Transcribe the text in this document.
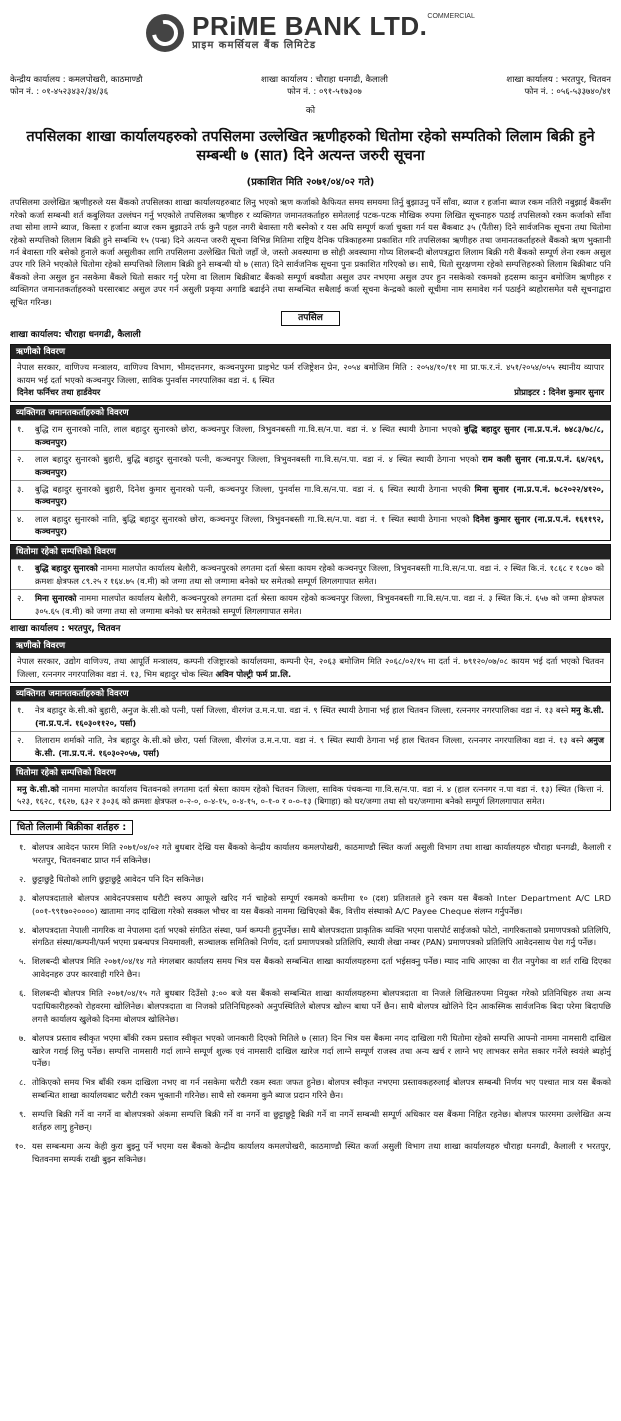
PRiME BANK LTD.$^{COMMERCIAL}$
प्राइम कमर्सियल बैंक लिमिटेड
केन्द्रीय कार्यालय : कमलपोखरी, काठमाण्डौ
फोन नं. : ०१-४५२३४३२/३४/३६
शाखा कार्यालय : चौराहा धनगढी, कैलाली
फोन नं. : ०९१-५१७३०७
शाखा कार्यालय : भरतपुर, चितवन
फोन नं. : ०५६-५३३७४०/४१
को
तपसिलका शाखा कार्यालयहरुको तपसिलमा उल्लेखित ऋणीहरुको धितोमा रहेको सम्पतिको लिलाम बिक्री हुने सम्बन्धी ७ (सात) दिने अत्यन्त जरुरी सूचना
(प्रकाशित मिति २०७१/०४/०२ गते)
तपसिलमा उल्लेखित ऋणीहरुले यस बैंकको तपसिलका शाखा कार्यालयहरुबाट लिनु भएको ऋण कर्जाको कैफियत समय समयमा तिर्नु बुझाउनु पर्ने साँवा, ब्याज र हर्जाना ब्याज रकम नतिरी नबुझाई बैंकसँग गरेको कर्जा सम्बन्धी शर्त कबुलियत उल्लंघन गर्नु भएकोले तपसिलका ऋणीहरु र व्यक्तिगत जमानतकर्ताहरु समेतलाई पटक-पटक मौखिक रुपमा लिखित सूचनाहरु पठाई तपसिलको रकम कर्जाको साँवा तथा सोमा लाग्ने ब्याज, किस्ता र हर्जाना ब्याज रकम बुझाउने तर्फ कुनै पहल नगरी बेवास्ता गरी बस्नेको र यस अघि सम्पूर्ण कर्जा चुक्ता गर्न यस बैंकबाट ३५ (पैंतीस) दिने सार्वजनिक सूचना तथा धितोमा रहेको सम्पत्तिको लिलाम बिक्री हुने सम्बन्धि १५ (पन्ध्र) दिने अत्यन्त जरुरी सूचना विभिन्न मितिमा राष्ट्रिय दैनिक पत्रिकाहरुमा प्रकाशित गरि तपसिलका ऋणीहरु तथा जमानतकर्ताहरुले बैंकको ऋण भुक्तानी गर्न बेवास्ता गरि बसेको हुनाले कर्जा असुलीका लागि तपसिलमा उल्लेखित धितो जहाँ जे, जस्तो अवस्थामा छ सोही अवस्थामा गोप्य शिलबन्दी बोलपत्रद्वारा लिलाम बिक्री गरी बैंकको सम्पूर्ण लेना रकम असुल उपर गरि लिने भएकोले धितोमा रहेको सम्पत्तिको लिलाम बिक्री हुने सम्बन्धी यो ७ (सात) दिने सार्वजनिक सूचना पुनः प्रकाशित गरिएको छ। साथै, धितो सुरक्षणमा रहेको सम्पत्तिहरुको लिलाम बिक्रीबाट पनि बैंकको लेना असुल हुन नसकेमा बैंकले धितो सकार गर्नु परेमा वा लिलाम बिक्रीबाट बैंकको सम्पूर्ण बक्यौता असुल उपर नभएमा असुल उपर हुन नसकेको रकमको हदसम्म कानुन बमोजिम ऋणीहरु र व्यक्तिगत जमानतकर्ताहरुको घरसारबाट असुल उपर गर्न असुली प्रकृया अगाडि बढाईने तथा सम्बन्धित सबैलाई कर्जा सूचना केन्द्रको कालो सूचीमा नाम समावेश गर्न पठाईने ब्यहोरासमेत यसै सूचनाद्वारा सूचित गरिन्छ।
तपसिल
शाखा कार्यालय: चौराहा धनगढी, कैलाली
ऋणीको विवरण
नेपाल सरकार, वाणिज्य मन्त्रालय, वाणिज्य विभाग, भीमदत्तनगर, कञ्चनपुरमा प्राइभेट फर्म रजिष्ट्रेशन प्रेन, २०५४ बमोजिम मिति : २०५४/१०/११ मा प्रा.फ.र.नं. ४५१/२०५४/०५५ स्थानीय व्यापार कायम भई दर्ता भएको कञ्चनपुर जिल्ला, साविक पुनर्वास नगरपालिका वडा नं. ६ स्थित
दिनेश फर्निचर तथा हार्डवेयर	प्रोप्राइटर : दिनेश कुमार सुनार
व्यक्तिगत जमानतकर्ताहरुको विवरण
१.	बुद्धि राम सुनारको नाति, लाल बहादुर सुनारको छोरा, कञ्चनपुर जिल्ला, त्रिभुवनबस्ती गा.वि.स/न.पा. वडा नं. ४ स्थित स्थायी ठेगाना भएको बुद्धि बहादुर सुनार (ना.प्र.प.नं. ७४८३/७८/८, कञ्चनपुर)
२.	लाल बहादुर सुनारको बुहारी, बुद्धि बहादुर सुनारको पत्नी, कञ्चनपुर जिल्ला, त्रिभुवनबस्ती गा.वि.स/न.पा. वडा नं. ४ स्थित स्थायी ठेगाना भएको राम कली सुनार (ना.प्र.प.नं. ६४/२६९, कञ्चनपुर)
३.	बुद्धि बहादुर सुनारको बुहारी, दिनेश कुमार सुनारको पत्नी, कञ्चनपुर जिल्ला, पुनर्वास गा.वि.स/न.पा. वडा नं. ६ स्थित स्थायी ठेगाना भएकी मिना सुनार (ना.प्र.प.नं. ७८२०२२/४१२०, कञ्चनपुर)
४.	लाल बहादुर सुनारको नाति, बुद्धि बहादुर सुनारको छोरा, कञ्चनपुर जिल्ला, त्रिभुवनबस्ती गा.वि.स/न.पा. वडा नं. १ स्थित स्थायी ठेगाना भएको दिनेश कुमार सुनार (ना.प्र.प.नं. १६११९२, कञ्चनपुर)
धितोमा रहेको सम्पत्तिको विवरण
१.	बुद्धि बहादुर सुनारको नाममा मालपोत कार्यालय बेलौरी, कञ्चनपुरको लगतमा दर्ता श्रेस्ता कायम रहेको कञ्चनपुर जिल्ला, त्रिभुवनबस्ती गा.वि.स/न.पा. वडा नं. २ स्थित कि.नं. १८६८ र १८७० को क्रमशः क्षेत्रफल ८९.२५ र १६४.७५ (व.मी) को जग्गा तथा सो जग्गामा बनेको घर समेतको सम्पूर्ण लिगलगापात समेत।
२.	मिना सुनारको नाममा मालपोत कार्यालय बेलौरी, कञ्चनपुरको लगतमा दर्ता श्रेस्ता कायम रहेको कञ्चनपुर जिल्ला, त्रिभुवनबस्ती गा.वि.स/न.पा. वडा नं. ३ स्थित कि.नं. ६५७ को जम्मा क्षेत्रफल ३०५.६५ (व.मी) को जग्गा तथा सो जग्गामा बनेको घर समेतको सम्पूर्ण लिगलगापात समेत।
शाखा कार्यालय : भरतपुर, चितवन
ऋणीको विवरण
नेपाल सरकार, उद्योग वाणिज्य, तथा आपूर्ति मन्त्रालय, कम्पनी रजिष्ट्रारको कार्यालयमा, कम्पनी ऐन, २०६३ बमोजिम मिति २०६८/०२/१५ मा दर्ता नं. ७९१२०/०७/०८ कायम भई दर्ता भएको चितवन जिल्ला, रत्ननगर नगरपालिका वडा नं. १३, भिम बहादुर चोक स्थित अविन पोल्ट्री फर्म प्रा.लि.
व्यक्तिगत जमानतकर्ताहरुको विवरण
१.	नेत्र बहादुर के.सी.को बुहारी, अनुज के.सी.को पत्नी, पर्सा जिल्ला, वीरगंज उ.म.न.पा. वडा नं. ९ स्थित स्थायी ठेगाना भई हाल चितवन जिल्ला, रत्ननगर नगरपालिका वडा नं. १३ बस्ने मनु के.सी. (ना.प्र.प.नं. १६०३०११२०, पर्सा)
२.	तिलाराम शर्माको नाति, नेत्र बहादुर के.सी.को छोरा, पर्सा जिल्ला, वीरगंज उ.म.न.पा. वडा नं. ९ स्थित स्थायी ठेगाना भई हाल चितवन जिल्ला, रत्ननगर नगरपालिका वडा नं. १३ बस्ने अनुज के.सी. (ना.प्र.प.नं. १६०३०२०५७, पर्सा)
धितोमा रहेको सम्पत्तिको विवरण
मनु के.सी.को नाममा मालपोत कार्यालय चितवनको लगतमा दर्ता श्रेस्ता कायम रहेको चितवन जिल्ला, साविक पंचकन्या गा.वि.स/न.पा. वडा नं. ४ (हाल रत्ननगर न.पा वडा नं. १३) स्थित (कित्ता नं. ५२३, १६२८, १६२७, ६३२ र ३०३६ को क्रमशः क्षेत्रफल ०-२-०, ०-४-१५, ०-४-१५, ०-१-० र ०-०-१३ (बिगाहा) को घर/जग्गा तथा सो घर/जग्गामा बनेको सम्पूर्ण लिगलगापात समेत।
धितो लिलामी बिक्रीका शर्तहरु :
१. बोलपत्र आवेदन फारम मिति २०७१/०४/०२ गते बुधबार देखि यस बैंकको केन्द्रीय कार्यालय कमलपोखरी, काठमाण्डौ स्थित कर्जा असुली विभाग तथा शाखा कार्यालयहरु चौराहा धनगढी, कैलाली र भरतपुर, चितवनबाट प्राप्त गर्न सकिनेछ।
२. छुट्टाछुट्टै धितोको लागि छुट्टाछुट्टै आवेदन पनि दिन सकिनेछ।
३. बोलपत्रदाताले बोलपत्र आवेदनपत्रसाथ धरौटी स्वरुप आफूले खरिद गर्न चाहेको सम्पूर्ण रकमको कम्तीमा १० (दश) प्रतिशतले हुने रकम यस बैंकको Inter Department A/C LRD (००१-९९१७०२००००) खातामा नगद दाखिला गरेको सक्कल भौचर वा यस बैंकको नाममा खिचिएको बैंक, वित्तीय संस्थाको A/C Payee Cheque संलग्न गर्नुपर्नेछ।
४. बोलपत्रदाता नेपाली नागरिक वा नेपालमा दर्ता भएको संगठित संस्था, फर्म कम्पनी हुनुपर्नेछ। साथै बोलपत्रदाता प्राकृतिक व्यक्ति भएमा पासपोर्ट साईजको फोटो, नागरिकताको प्रमाणपत्रको प्रतिलिपि, संगठित संस्था/कम्पनी/फर्म भएमा प्रबन्धपत्र नियमावली, सञ्चालक समितिको निर्णय, दर्ता प्रमाणपत्रको प्रतिलिपि, स्थायी लेखा नम्बर (PAN) प्रमाणपत्रको प्रतिलिपि आवेदनसाथ पेश गर्नु पर्नेछ।
५. शिलबन्दी बोलपत्र मिति २०७१/०४/१४ गते मंगलबार कार्यालय समय भित्र यस बैंकको सम्बन्धित शाखा कार्यालयहरुमा दर्ता भईसक्नु पर्नेछ। म्याद नाघि आएका वा रीत नपुगेका वा शर्त राखि दिएका आवेदनहरु उपर कारवाही गरिने छैन।
६. शिलबन्दी बोलपत्र मिति २०७१/०४/१५ गते बुधबार दिउँसो ३:०० बजे यस बैंकको सम्बन्धित शाखा कार्यालयहरुमा बोलपत्रदाता वा निजले लिखितरुपमा नियुक्त गरेको प्रतिनिधिहरु तथा अन्य पदाधिकारीहरुको रोहवरमा खोलिनेछ। बोलपत्रदाता वा निजको प्रतिनिधिहरुको अनुपस्थितिले बोलपत्र खोल्न बाधा पर्ने छैन। साथै बोलपत्र खोलिने दिन आकस्मिक सार्वजनिक बिदा परेमा बिदापछि लगत्तै कार्यालय खुलेको दिनमा बोलपत्र खोलिनेछ।
७. बोलपत्र प्रस्ताव स्वीकृत भएमा बाँकी रकम प्रस्ताव स्वीकृत भएको जानकारी दिएको मितिले ७ (सात) दिन भित्र यस बैंकमा नगद दाखिला गरी धितोमा रहेको सम्पत्ति आफ्नो नाममा नामसारी दाखिल खारेज गराई लिनु पर्नेछ। सम्पत्ति नामसारी गर्दा लाग्ने सम्पूर्ण शुल्क एवं नामसारी दाखिल खारेज गर्दा लाग्ने सम्पूर्ण राजस्व तथा अन्य खर्च र लाग्ने भए लाभकर समेत सकार गर्नेले स्वयंले ब्यहोर्नु पर्नेछ।
८. तोकिएको समय भित्र बाँकी रकम दाखिला नभए वा गर्न नसकेमा धरौटी रकम स्वतः जफत हुनेछ। बोलपत्र स्वीकृत नभएमा प्रस्तावकहरुलाई बोलपत्र सम्बन्धी निर्णय भए पश्चात मात्र यस बैंकको सम्बन्धित शाखा कार्यालयबाट धरौटी रकम भुक्तानी गरिनेछ। साथै सो रकममा कुनै ब्याज प्रदान गरिने छैन।
९. सम्पत्ति बिक्री गर्ने वा नगर्ने वा बोलपत्रको अंकमा सम्पत्ति बिक्री गर्ने वा नगर्ने वा छुट्टाछुट्टै बिक्री गर्ने वा नगर्ने सम्बन्धी सम्पूर्ण अधिकार यस बैंकमा निहित रहनेछ। बोलपत्र फारममा उल्लेखित अन्य शर्तहरु लागु हुनेछन्।
१०. यस सम्बन्धमा अन्य केही कुरा बुझ्नु पर्ने भएमा यस बैंकको केन्द्रीय कार्यालय कमलपोखरी, काठमाण्डौ स्थित कर्जा असुली विभाग तथा शाखा कार्यालयहरु चौराहा धनगढी, कैलाली र भरतपुर, चितवनमा सम्पर्क राखी बुझ्न सकिनेछ।
